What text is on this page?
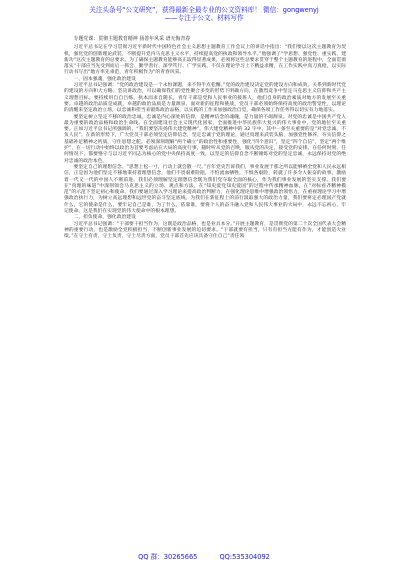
关注头条号“公文研究”，获得最新全最专业的公文资料库！ 微信：gongwenyj
——专注于公文、材料写作

专题党课：贯彻主题教育精神 扬善年风采 谱无悔青春

习近平总书记在学习贯彻习近平新时代中国特色社会主义思想主题教育工作会议上的讲话中指出：“我们要以这次主题教育为契机，强化党的创新理论武装，不断提升党内马克思主义水平，持续提高党的执政和领导水平。”他强调了“学思想、强党性、重实践、建新功”这次主题教育的总要求。为了确保主题教育能够高正取得显著成果，必须将这些总要求贯穿于整个主题教育的进程中，全面贯彻落实“干部应当先受到而后一抓会、勤学善行、深学笃行、广学实践，不仅在理论学习上下精益求精，在工作实践中真刀真枪，以实际行动书写出“地方率先垂范，青年积极作为”的青春风采。

一、固本强魂，强化政治建设

习近平总书记强调：“党的政治建设是一个永恒课题，来不得半点松懈。”党的政治建设决定党的建设方向和成效，关系到新时代党的建设的方向和大方略。坚决讲政治，可以确保我们的党性聚合多变的形势下明确方向，在激烈竞争中坚定马克思主义信仰和共产主义理想目标。要持续用自自吕练，执本而求自随长，青年干部是党和人民事业的接班人，他们自身的政治素质对地方的发展至关重要。卓越的政治品质是成就，卓越的政治品质是力量源泉，面对新的征程和挑战，党员干部必须始终保持高度的政治警觉性，以理论的清醒来坚定政治立场，以忠诚和担当来锻炼政治品格，以实践的工作来加强政治自觉，确保各项工作任务得以切实有力地落实。

要坚定树立坚定不移的政治忠诚。忠诚是内心深处的信仰，是精神信念的魂魄，是力量的不竭源泉。对党的忠诚是中国共产党人最为重要的政治品格和政治生命线。在全面建设社会主义现代化国家、全面推进中华民族伟大复兴的伟大事业中，党的地位至关重要。正如习近平总书记所强调的，“我们要坚决扬伟大建党精神”，伟大建党精神中的 32 字中，其中一条至关重要的是“对党忠诚、不负人民”。在新的形势下，广大党员干部必须坚定信仰信念，坚定忠诚于党的理论，通过真理来武装头脑，加强党性修养，夯实信仰之基础补足精神之钙质，守住思想之舵。必须深刻理解“两个确立”的政治性和重要性，强化“四个意识”，坚定“四个自信”，坚定“两个维护”，在一切行动中始终以政治为首要考虑站在大局的高度行事，随时听从党的召唤，服从党的决定，接受党的安排。在任何时刻、任何情况下，都要恪守与以习近平同志为核心的党中央保持高度一致，以坚定的信仰自念不断锤炼对党的坚定忠诚，永远保持对党的绝对忠诚的政治本色。

要坚定自己的理想信念。“思想上松一寸，行动上就会散一尺。”百年党史告诉我们，事业发展于那之所以能够被全党和人民永远相信，正是因为他们坚定不移地秉持着理想信念，他们不畏艰难险阻，不怕流血牺牲，不惧各艰险，转就了许多令人振奋的故事。激励着一代又一代的中国人不断前进。我们必须理解坚定理想信念既为我们党夺取全面的核心，作为我们事业发展的坚实支撑。我们要在“真理的味道”中深刻领会马克思主义的立场、观点和方法，在“知史爱党知史爱国”的过程中传承精神血脉，在“对标看齐精神模范”的示范下坚定初心和使命，我们要通过深入学习理论来提高政治判断力，在强化理论思维中增强政治领悟力，在重视理论学习中增强政治执行力，为树立高远理想和远世党的奋斗坚定底线。为我们在新征程上的前行汲取强大的政治力量，我们要将定必理国产党就什么，它的使命是什么，要牢记自己是谁，为了什么，依靠谁，要将个人的奋斗融入党和人民伟大事业的大局中，永远不忘初心，牢记使命，这是我们在实现党的伟大使命中的根本理想。

二、担负使命，强化政治建设

习近平总书记强调：“干部要干担当作为，这既是政治品格，也是业具本分。”开展主题教育，是贯彻党的第二十次全国代表大会精神的重要行动，也是激励全党积极担当、不断创新事业发展的迫切要求。“干部就要有担当，只有有担当方能有作为，才能创造大业绩。”在守土有责、守土负责、守土尽责方面，党员干部首先应该具备守住自己“责任领

QQ 群：30265665	QQ:535304092
